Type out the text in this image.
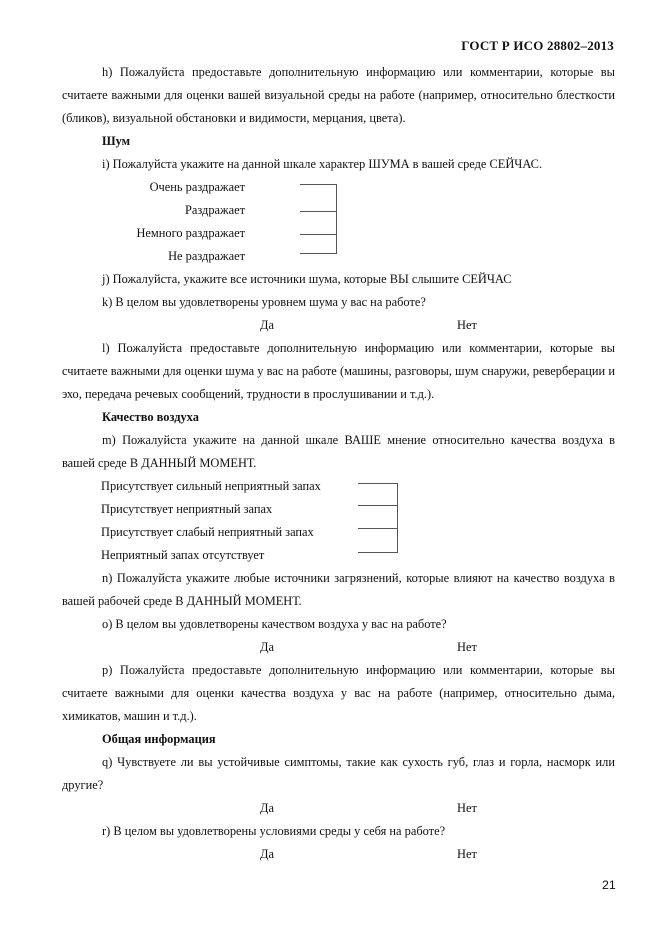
ГОСТ Р ИСО 28802–2013

h) Пожалуйста предоставьте дополнительную информацию или комментарии, которые вы считаете важными для оценки вашей визуальной среды на работе (например, относительно блесткости (бликов), визуальной обстановки и видимости, мерцания, цвета).

Шум

i) Пожалуйста укажите на данной шкале характер ШУМА в вашей среде СЕЙЧАС.

Очень раздражает
Раздражает
Немного раздражает
Не раздражает

j) Пожалуйста, укажите все источники шума, которые ВЫ слышите СЕЙЧАС

k) В целом вы удовлетворены уровнем шума у вас на работе?

Да	Нет

l) Пожалуйста предоставьте дополнительную информацию или комментарии, которые вы считаете важными для оценки шума у вас на работе (машины, разговоры, шум снаружи, реверберации и эхо, передача речевых сообщений, трудности в прослушивании и т.д.).

Качество воздуха

m) Пожалуйста укажите на данной шкале ВАШЕ мнение относительно качества воздуха в вашей среде В ДАННЫЙ МОМЕНТ.

Присутствует сильный неприятный запах
Присутствует неприятный запах
Присутствует слабый неприятный запах
Неприятный запах отсутствует

n) Пожалуйста укажите любые источники загрязнений, которые влияют на качество воздуха в вашей рабочей среде В ДАННЫЙ МОМЕНТ.

o) В целом вы удовлетворены качеством воздуха у вас на работе?

Да	Нет

p) Пожалуйста предоставьте дополнительную информацию или комментарии, которые вы считаете важными для оценки качества воздуха у вас на работе (например, относительно дыма, химикатов, машин и т.д.).

Общая информация

q) Чувствуете ли вы устойчивые симптомы, такие как сухость губ, глаз и горла, насморк или другие?

Да	Нет

r) В целом вы удовлетворены условиями среды у себя на работе?

Да	Нет
21
